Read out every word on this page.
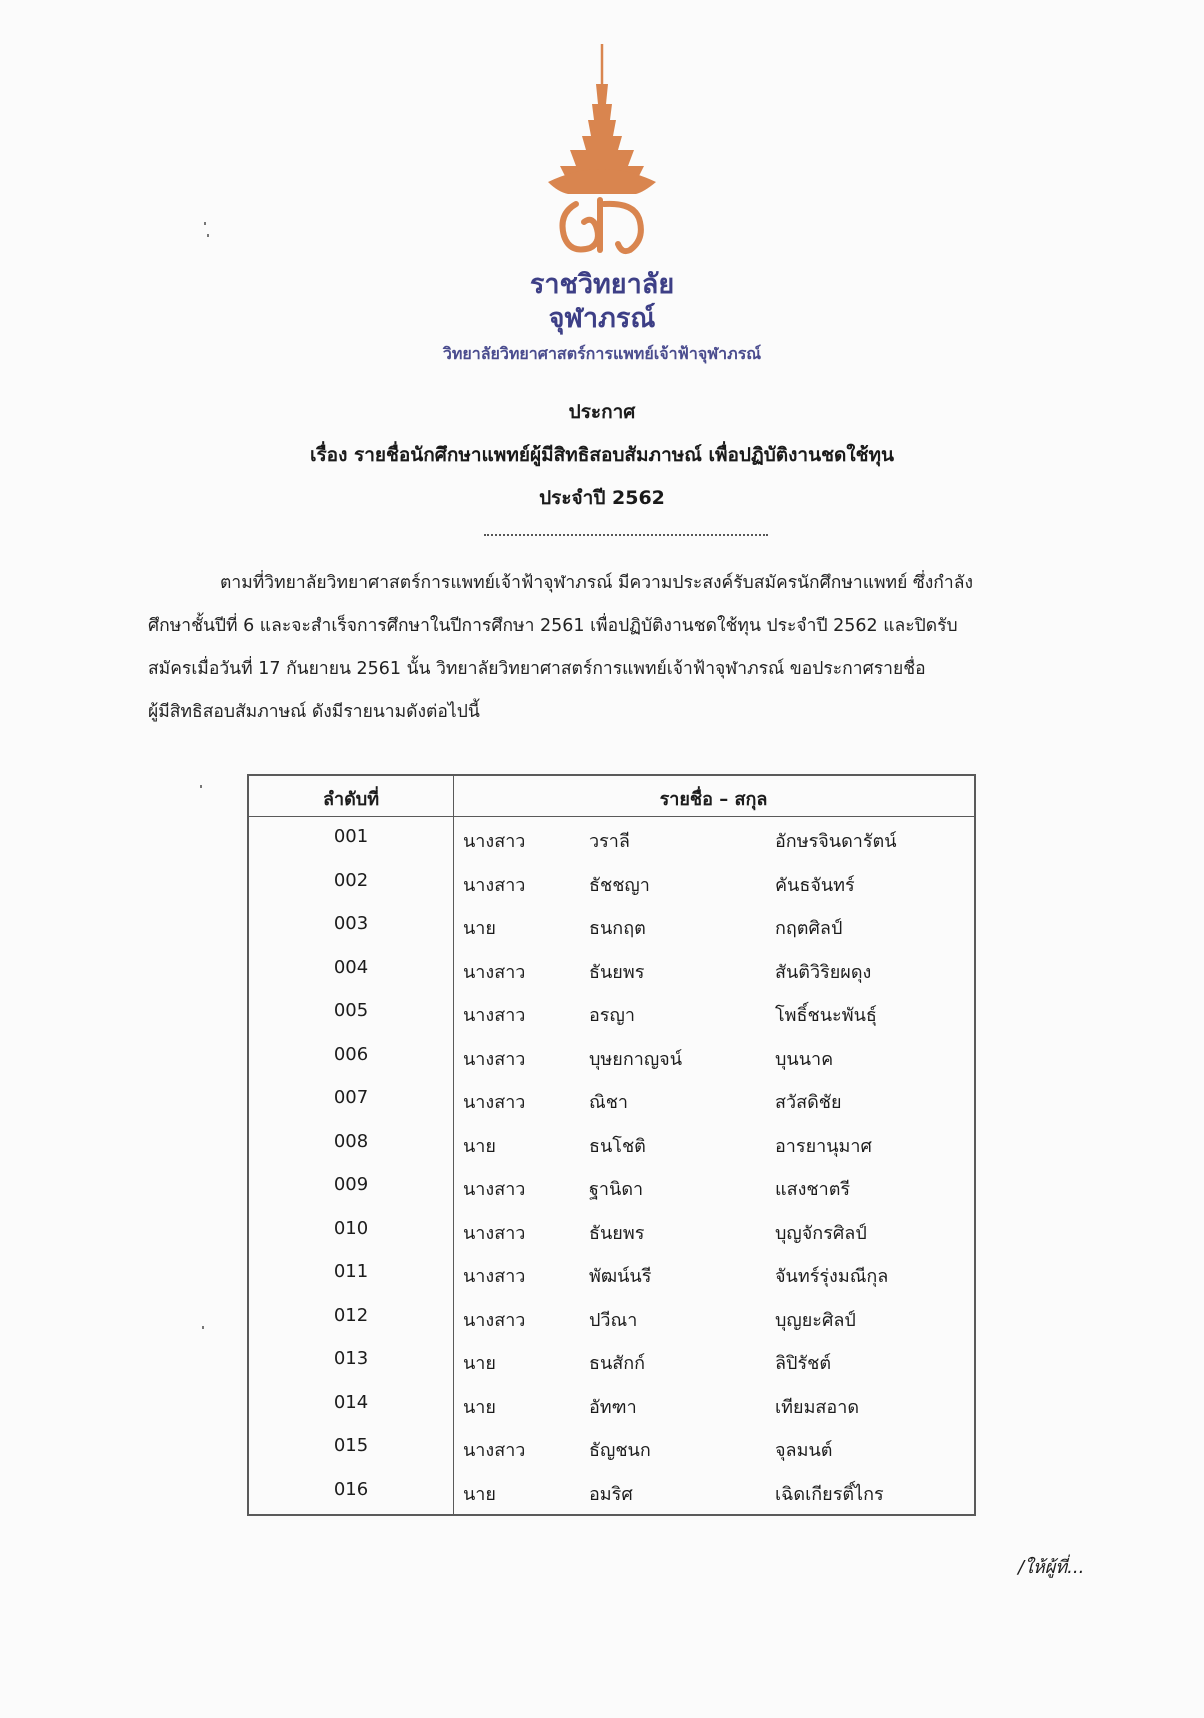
ราชวิทยาลัย
จุฬาภรณ์
วิทยาลัยวิทยาศาสตร์การแพทย์เจ้าฟ้าจุฬาภรณ์
ประกาศ
เรื่อง รายชื่อนักศึกษาแพทย์ผู้มีสิทธิสอบสัมภาษณ์ เพื่อปฏิบัติงานชดใช้ทุน
ประจำปี 2562
ตามที่วิทยาลัยวิทยาศาสตร์การแพทย์เจ้าฟ้าจุฬาภรณ์ มีความประสงค์รับสมัครนักศึกษาแพทย์ ซึ่งกำลัง
ศึกษาชั้นปีที่ 6 และจะสำเร็จการศึกษาในปีการศึกษา 2561 เพื่อปฏิบัติงานชดใช้ทุน ประจำปี 2562 และปิดรับ
สมัครเมื่อวันที่ 17 กันยายน 2561 นั้น วิทยาลัยวิทยาศาสตร์การแพทย์เจ้าฟ้าจุฬาภรณ์ ขอประกาศรายชื่อ
ผู้มีสิทธิสอบสัมภาษณ์ ดังมีรายนามดังต่อไปนี้
ลำดับที่	รายชื่อ – สกุล
001	นางสาว	วราลี	อักษรจินดารัตน์
002	นางสาว	ธัชชญา	คันธจันทร์
003	นาย	ธนกฤต	กฤตศิลป์
004	นางสาว	ธันยพร	สันติวิริยผดุง
005	นางสาว	อรญา	โพธิ์ชนะพันธุ์
006	นางสาว	บุษยกาญจน์	บุนนาค
007	นางสาว	ณิชา	สวัสดิชัย
008	นาย	ธนโชติ	อารยานุมาศ
009	นางสาว	ฐานิดา	แสงชาตรี
010	นางสาว	ธันยพร	บุญจักรศิลป์
011	นางสาว	พัฒน์นรี	จันทร์รุ่งมณีกุล
012	นางสาว	ปวีณา	บุญยะศิลป์
013	นาย	ธนสักก์	ลิปิรัชต์
014	นาย	อัทฑา	เทียมสอาด
015	นางสาว	ธัญชนก	จุลมนต์
016	นาย	อมริศ	เฉิดเกียรติ์ไกร
/ให้ผู้ที่...
